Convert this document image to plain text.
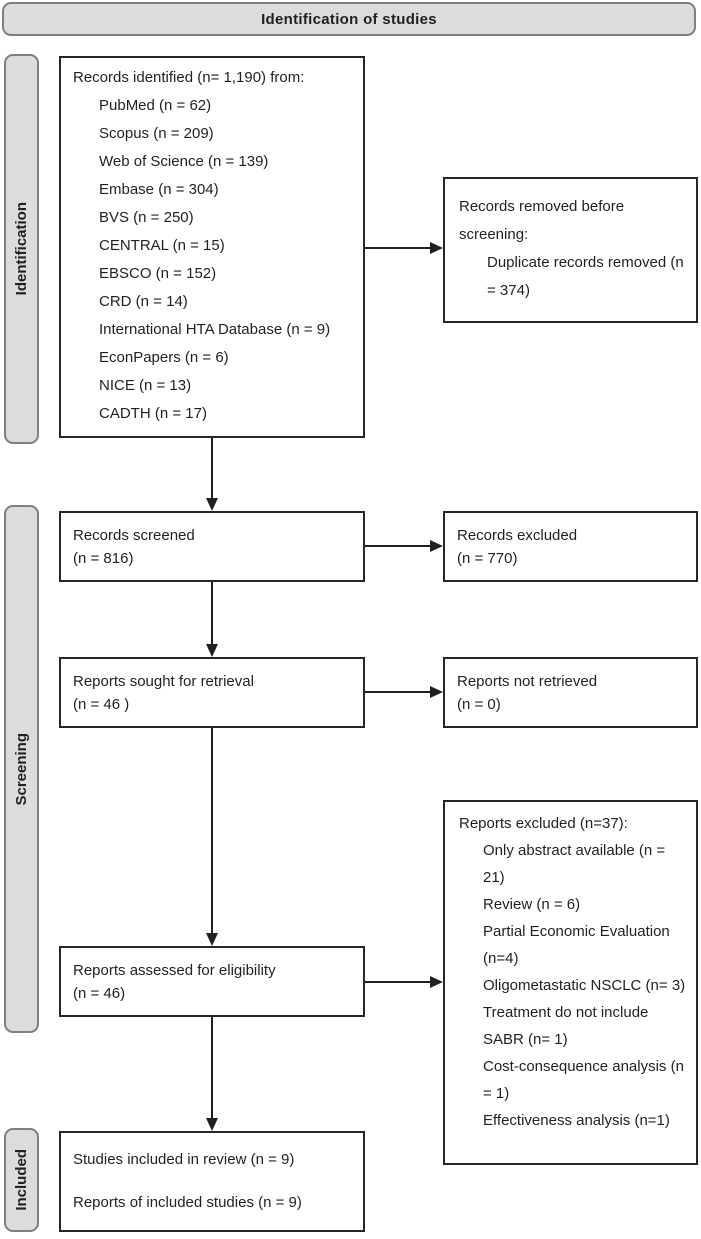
Identification of studies
Identification
Screening
Included
Records identified (n= 1,190) from:
PubMed (n = 62)
Scopus (n = 209)
Web of Science (n = 139)
Embase (n = 304)
BVS (n = 250)
CENTRAL (n = 15)
EBSCO (n = 152)
CRD (n = 14)
International HTA Database (n = 9)
EconPapers (n = 6)
NICE (n = 13)
CADTH (n = 17)
Records removed before screening:
Duplicate records removed (n = 374)
Records screened
(n = 816)
Records excluded
(n = 770)
Reports sought for retrieval
(n = 46 )
Reports not retrieved
(n = 0)
Reports assessed for eligibility
(n = 46)
Reports excluded (n=37):
Only abstract available (n = 21)
Review (n = 6)
Partial Economic Evaluation (n=4)
Oligometastatic NSCLC (n= 3)
Treatment do not include SABR (n= 1)
Cost-consequence analysis (n = 1)
Effectiveness analysis (n=1)
Studies included in review (n = 9)
Reports of included studies (n = 9)
